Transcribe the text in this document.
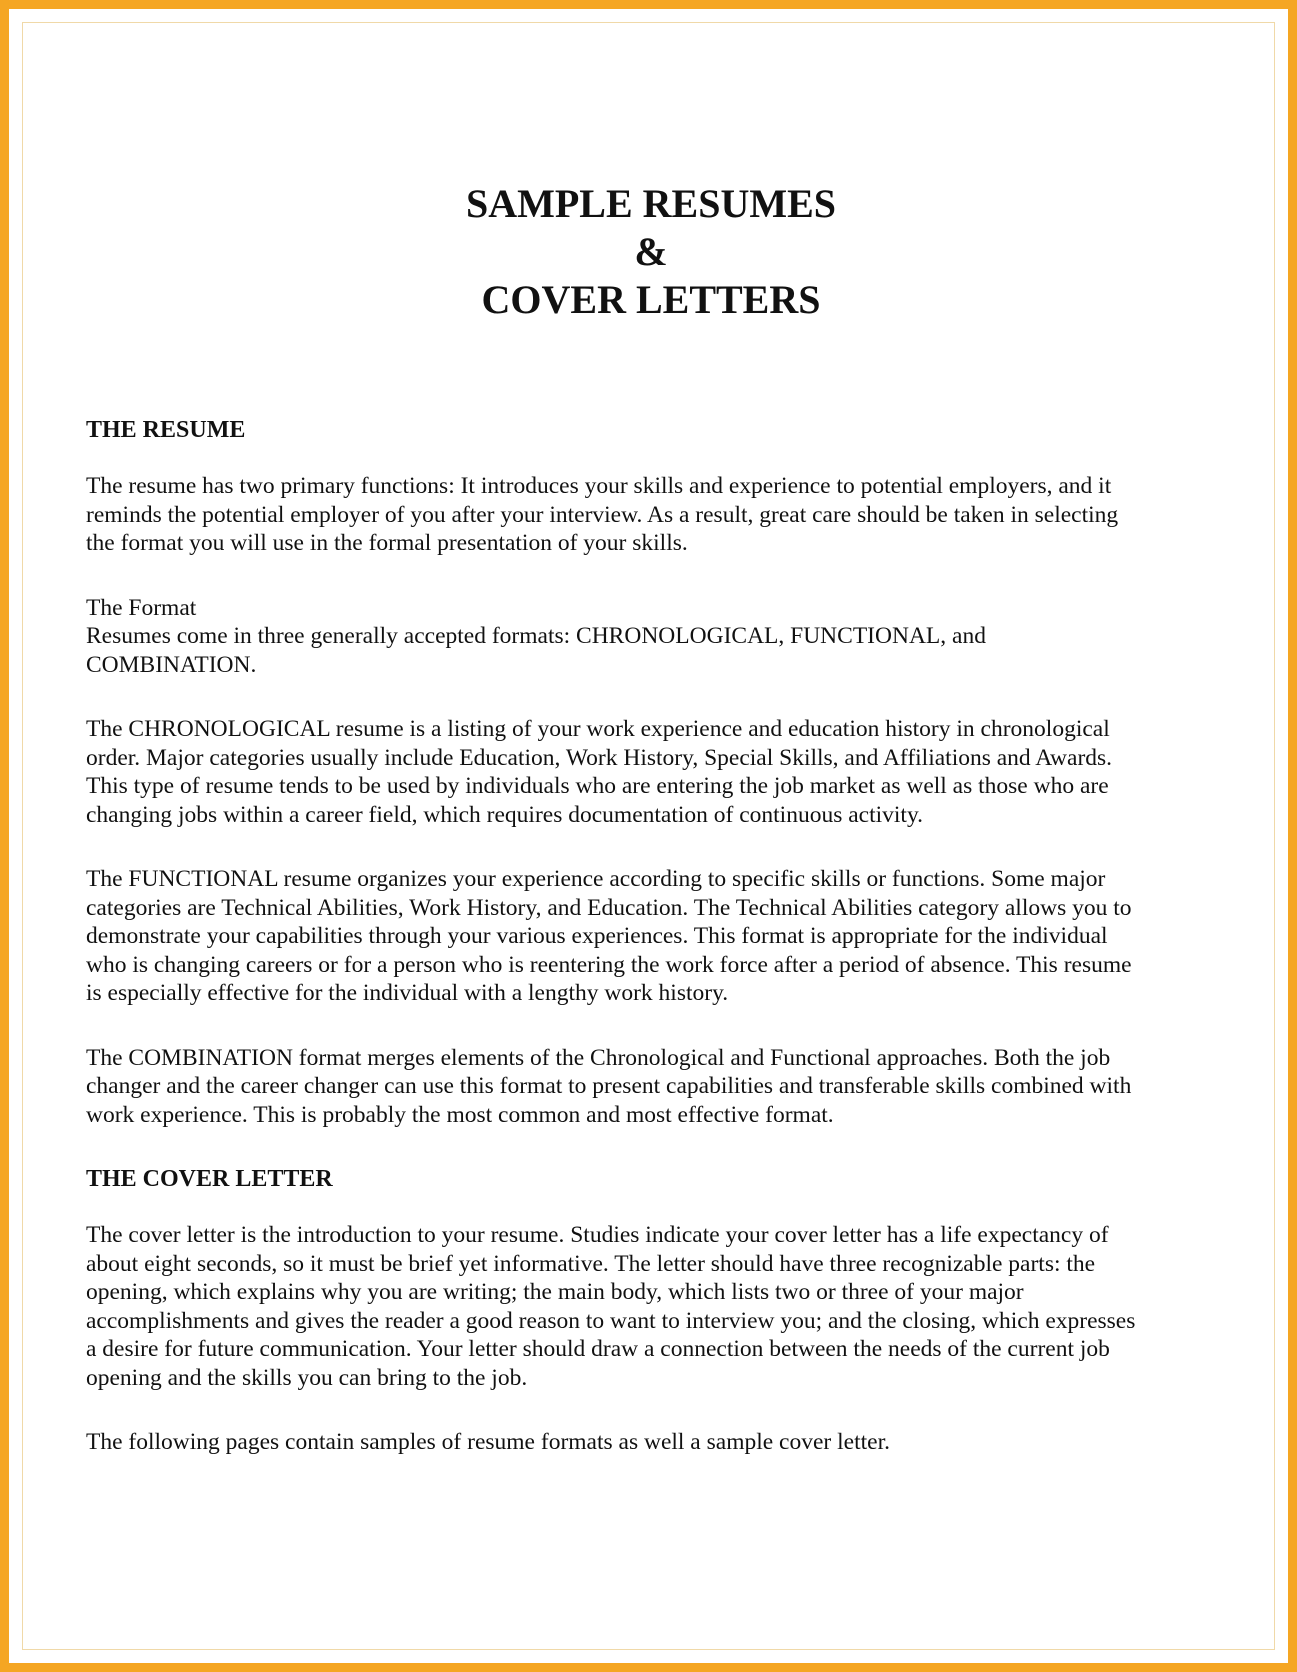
SAMPLE RESUMES
&
COVER LETTERS
THE RESUME

The resume has two primary functions: It introduces your skills and experience to potential employers, and it
reminds the potential employer of you after your interview. As a result, great care should be taken in selecting
the format you will use in the formal presentation of your skills.

The Format
Resumes come in three generally accepted formats: CHRONOLOGICAL, FUNCTIONAL, and
COMBINATION.

The CHRONOLOGICAL resume is a listing of your work experience and education history in chronological
order. Major categories usually include Education, Work History, Special Skills, and Affiliations and Awards.
This type of resume tends to be used by individuals who are entering the job market as well as those who are
changing jobs within a career field, which requires documentation of continuous activity.

The FUNCTIONAL resume organizes your experience according to specific skills or functions. Some major
categories are Technical Abilities, Work History, and Education. The Technical Abilities category allows you to
demonstrate your capabilities through your various experiences. This format is appropriate for the individual
who is changing careers or for a person who is reentering the work force after a period of absence. This resume
is especially effective for the individual with a lengthy work history.

The COMBINATION format merges elements of the Chronological and Functional approaches. Both the job
changer and the career changer can use this format to present capabilities and transferable skills combined with
work experience. This is probably the most common and most effective format.

THE COVER LETTER

The cover letter is the introduction to your resume. Studies indicate your cover letter has a life expectancy of
about eight seconds, so it must be brief yet informative. The letter should have three recognizable parts: the
opening, which explains why you are writing; the main body, which lists two or three of your major
accomplishments and gives the reader a good reason to want to interview you; and the closing, which expresses
a desire for future communication. Your letter should draw a connection between the needs of the current job
opening and the skills you can bring to the job.

The following pages contain samples of resume formats as well a sample cover letter.
